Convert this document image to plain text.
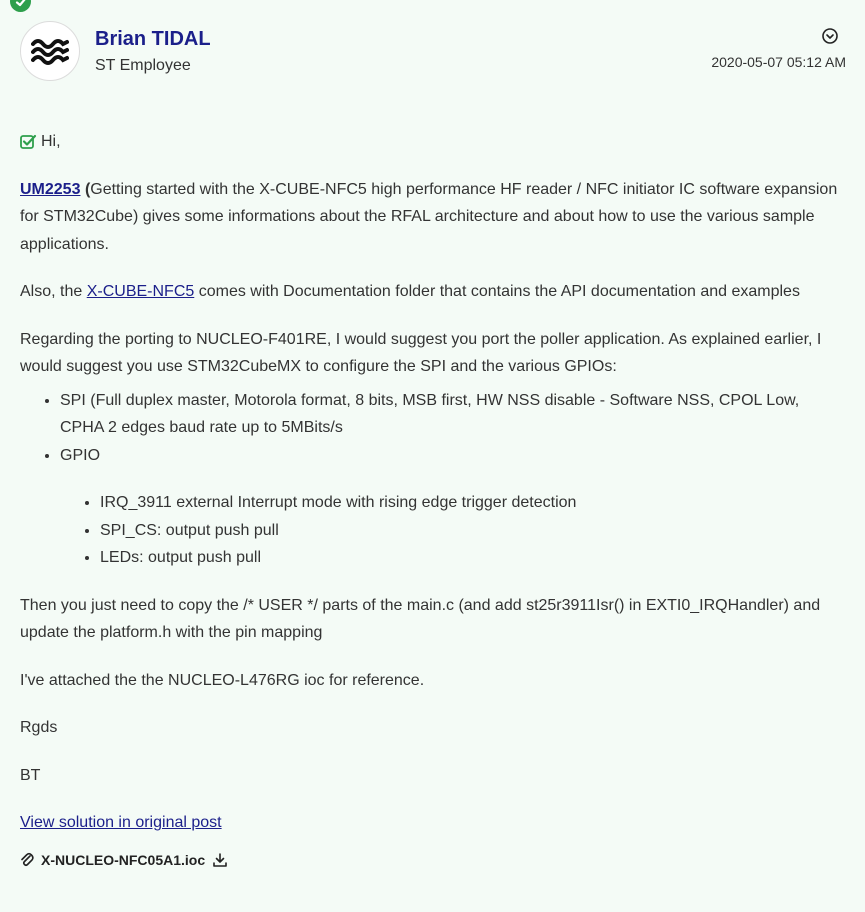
Brian TIDAL
ST Employee	2020-05-07 05:12 AM

Hi,

UM2253 (Getting started with the X-CUBE-NFC5 high performance HF reader / NFC initiator IC software expansion for STM32Cube) gives some informations about the RFAL architecture and about how to use the various sample applications.

Also, the X-CUBE-NFC5 comes with Documentation folder that contains the API documentation and examples

Regarding the porting to NUCLEO-F401RE, I would suggest you port the poller application. As explained earlier, I would suggest you use STM32CubeMX to configure the SPI and the various GPIOs:

• SPI (Full duplex master, Motorola format, 8 bits, MSB first, HW NSS disable - Software NSS, CPOL Low, CPHA 2 edges baud rate up to 5MBits/s
• GPIO
• IRQ_3911 external Interrupt mode with rising edge trigger detection
• SPI_CS: output push pull
• LEDs: output push pull

Then you just need to copy the /* USER */ parts of the main.c (and add st25r3911Isr() in EXTI0_IRQHandler) and update the platform.h with the pin mapping

I've attached the the NUCLEO-L476RG ioc for reference.

Rgds

BT

View solution in original post

X-NUCLEO-NFC05A1.ioc
